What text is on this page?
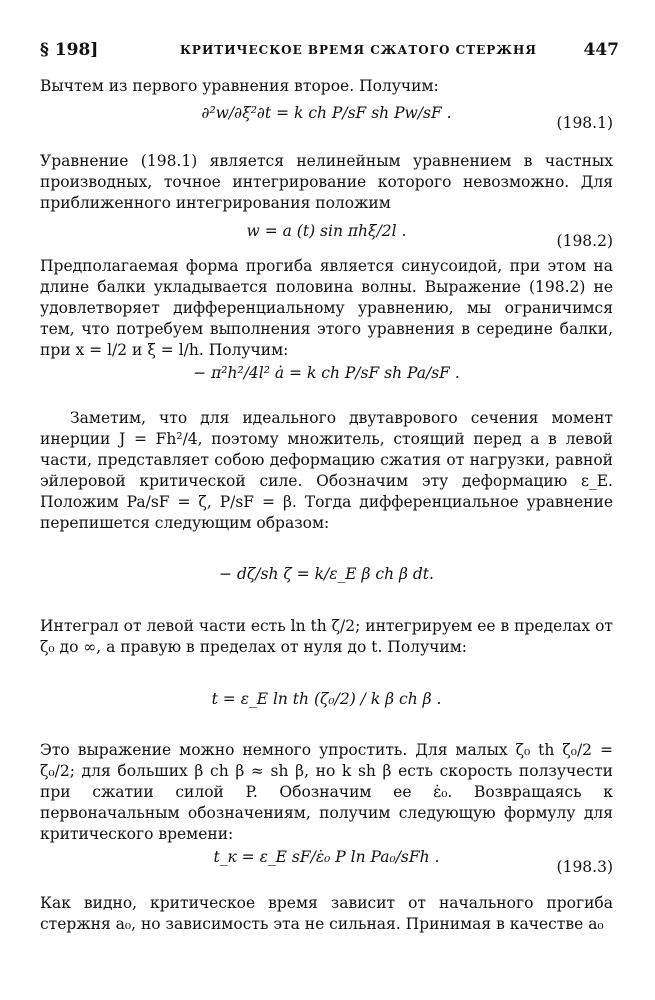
§ 198]	КРИТИЧЕСКОЕ ВРЕМЯ СЖАТОГО СТЕРЖНЯ	447

Вычтем из первого уравнения второе. Получим:

∂²w/∂ξ²∂t = k ch P/sF sh Pw/sF .
(198.1)

Уравнение (198.1) является нелинейным уравнением в частных производных, точное интегрирование которого невозможно. Для приближенного интегрирования положим

w = a (t) sin πhξ/2l .
(198.2)

Предполагаемая форма прогиба является синусоидой, при этом на длине балки укладывается половина волны. Выражение (198.2) не удовлетворяет дифференциальному уравнению, мы ограничимся тем, что потребуем выполнения этого уравнения в середине балки, при x = l/2 и ξ = l/h. Получим:

− π²h²/4l² ȧ = k ch P/sF sh Pa/sF .

Заметим, что для идеального двутаврового сечения момент инерции J = Fh²/4, поэтому множитель, стоящий перед a в левой части, представляет собою деформацию сжатия от нагрузки, равной эйлеровой критической силе. Обозначим эту деформацию ε_E. Положим Pa/sF = ζ, P/sF = β. Тогда дифференциальное уравнение перепишется следующим образом:

− dζ/sh ζ = k/ε_E β ch β dt.

Интеграл от левой части есть ln th ζ/2; интегрируем ее в пределах от ζ₀ до ∞, а правую в пределах от нуля до t. Получим:

t = ε_E ln th (ζ₀/2) / k β ch β .

Это выражение можно немного упростить. Для малых ζ₀ th ζ₀/2 = ζ₀/2; для больших β ch β ≈ sh β, но k sh β есть скорость ползучести при сжатии силой P. Обозначим ее ε̇₀. Возвращаясь к первоначальным обозначениям, получим следующую формулу для критического времени:

t_к = ε_E sF/ε̇₀ P ln Pa₀/sFh .
(198.3)

Как видно, критическое время зависит от начального прогиба стержня a₀, но зависимость эта не сильная. Принимая в качестве a₀
